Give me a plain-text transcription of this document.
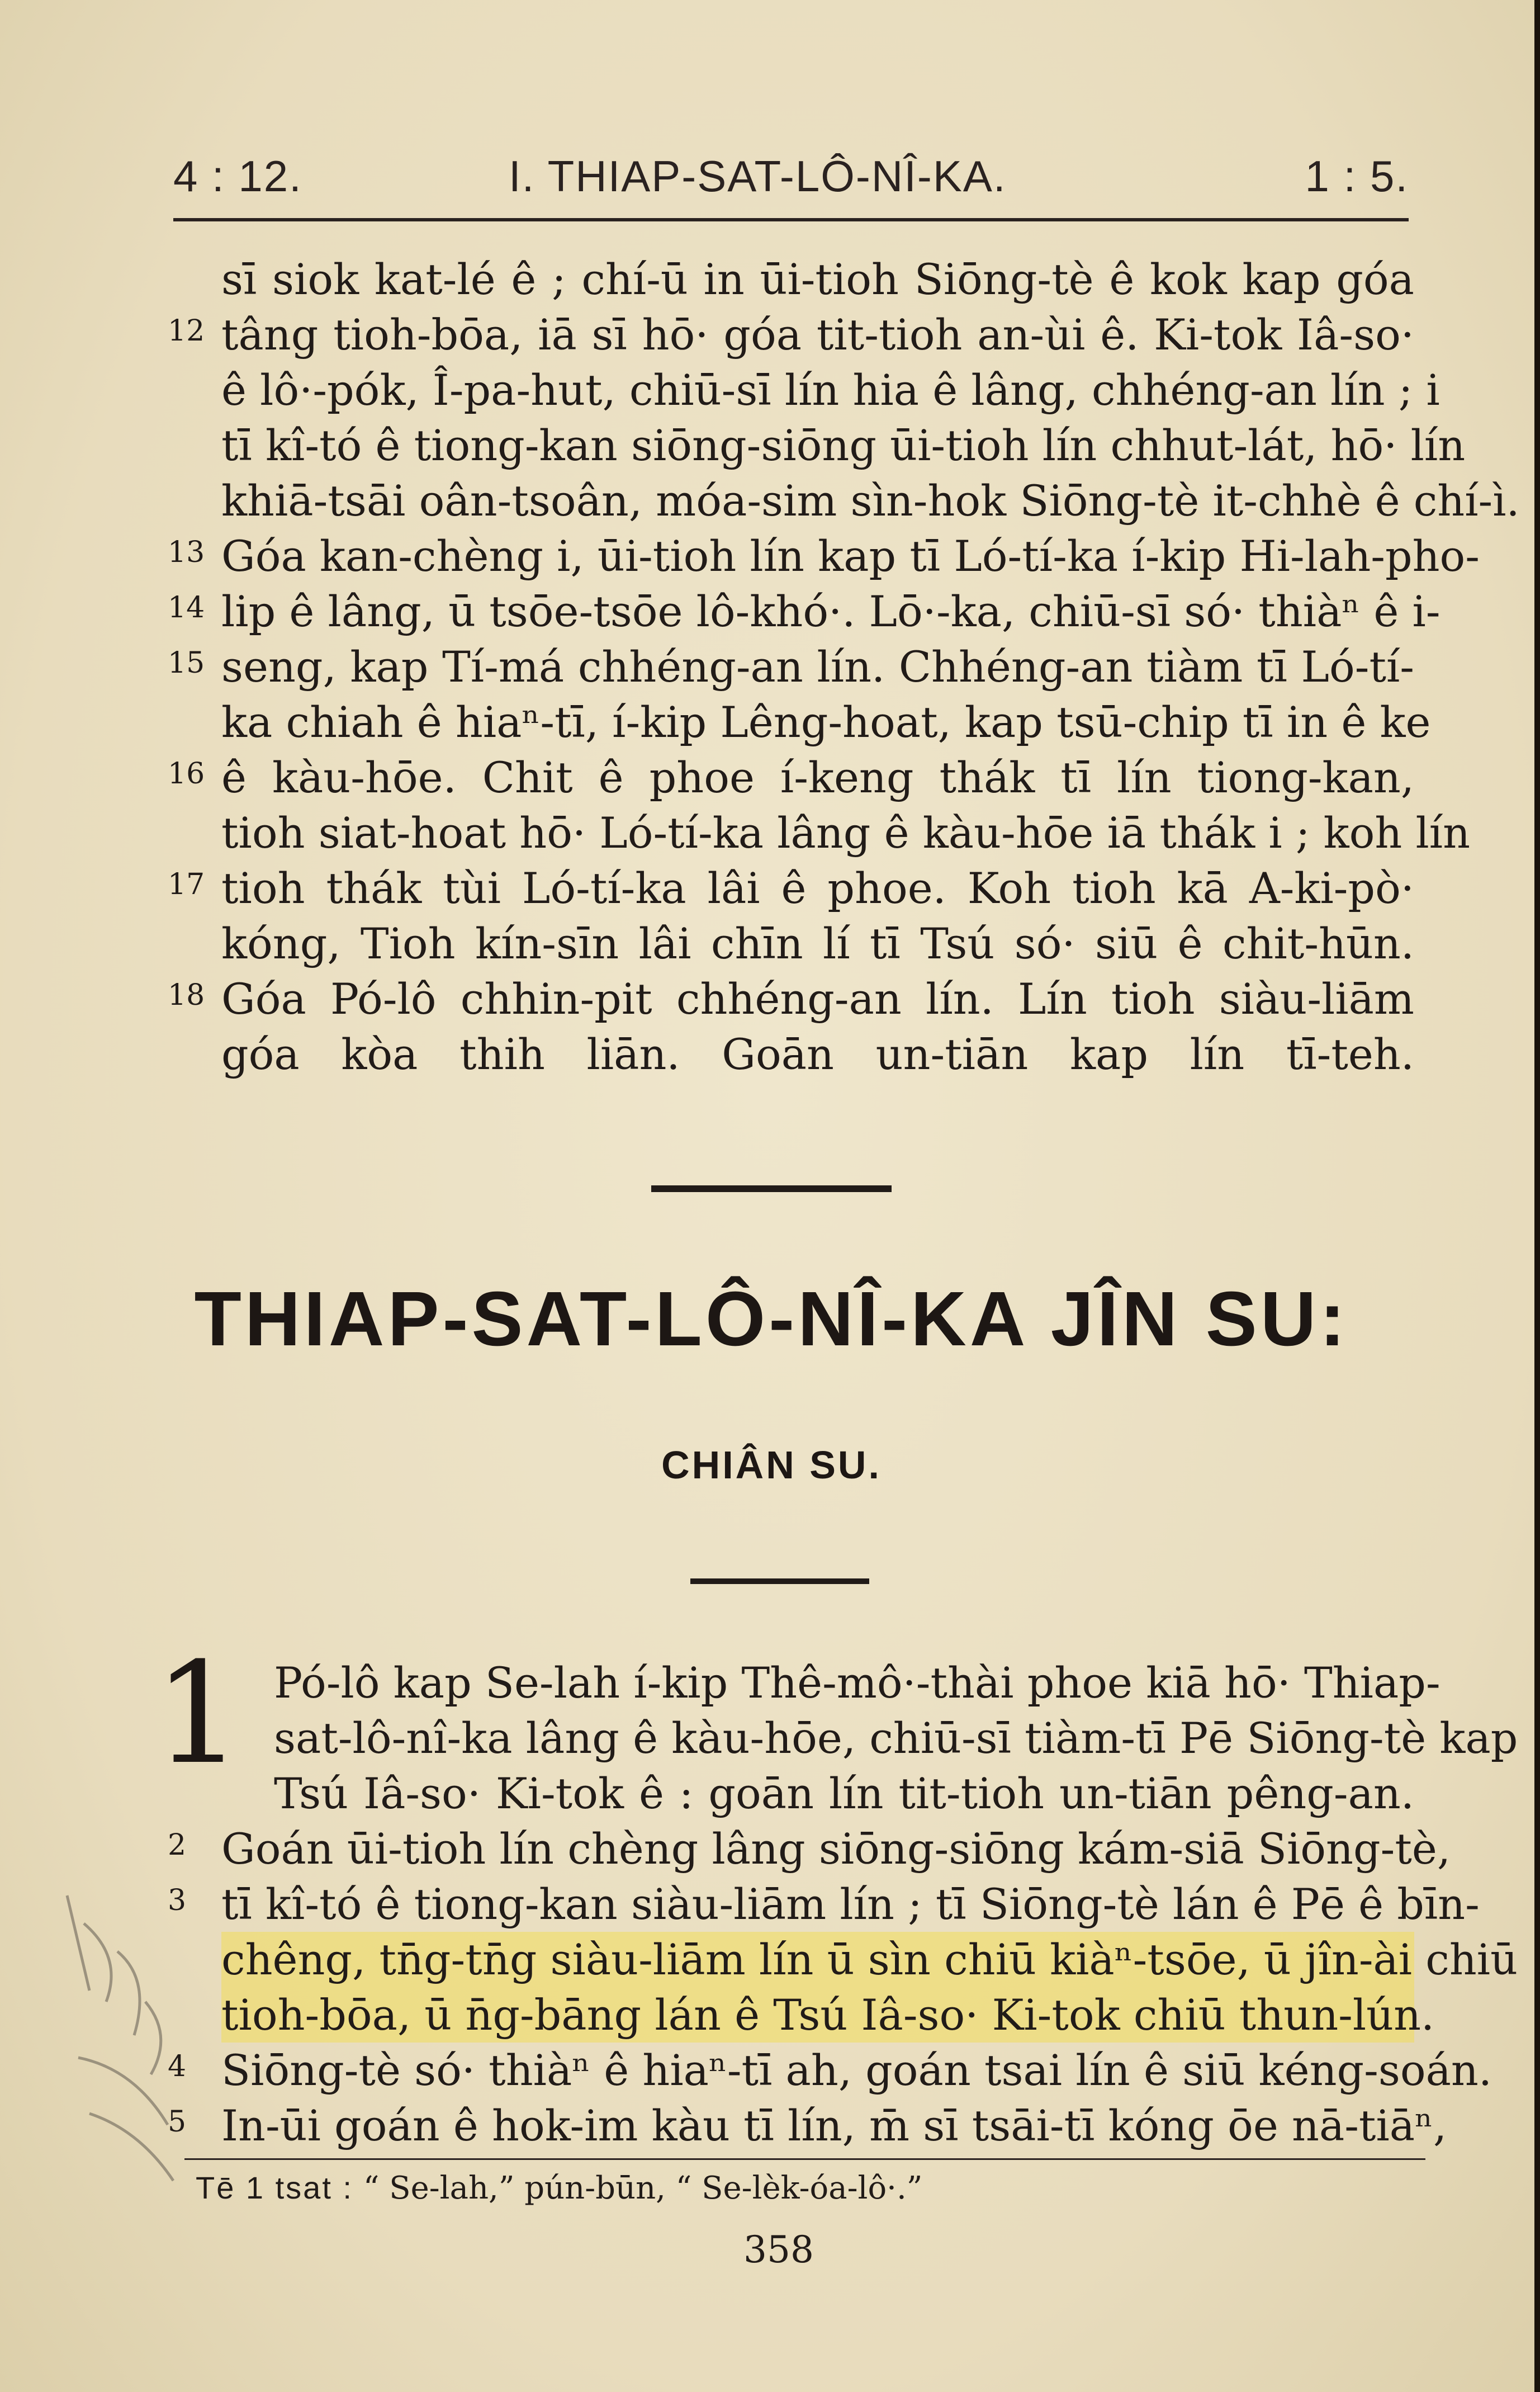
4 : 12.	I. THIAP-SAT-LÔ-NÎ-KA.	1 : 5.
sī siok kat-lé ê ; chí-ū in ūi-tioh Siōng-tè ê kok kap góa
12 tâng tioh-bōa, iā sī hō· góa tit-tioh an-ùi ê. Ki-tok Iâ-so·
ê lô·-pók, Î-pa-hut, chiū-sī lín hia ê lâng, chhéng-an lín ; i
tī kî-tó ê tiong-kan siōng-siōng ūi-tioh lín chhut-lát, hō· lín
khiā-tsāi oân-tsoân, móa-sim sìn-hok Siōng-tè it-chhè ê chí-ì.
13 Góa kan-chèng i, ūi-tioh lín kap tī Ló-tí-ka í-kip Hi-lah-pho-
14 lip ê lâng, ū tsōe-tsōe lô-khó·. Lō·-ka, chiū-sī só· thiàⁿ ê i-
15 seng, kap Tí-má chhéng-an lín. Chhéng-an tiàm tī Ló-tí-
ka chiah ê hiaⁿ-tī, í-kip Lêng-hoat, kap tsū-chip tī in ê ke
16 ê kàu-hōe. Chit ê phoe í-keng thák tī lín tiong-kan,
tioh siat-hoat hō· Ló-tí-ka lâng ê kàu-hōe iā thák i ; koh lín
17 tioh thák tùi Ló-tí-ka lâi ê phoe. Koh tioh kā A-ki-pò·
kóng, Tioh kín-sīn lâi chīn lí tī Tsú só· siū ê chit-hūn.
18 Góa Pó-lô chhin-pit chhéng-an lín. Lín tioh siàu-liām
góa kòa thih liān. Goān un-tiān kap lín tī-teh.
THIAP-SAT-LÔ-NÎ-KA JÎN SU:
CHIÂN SU.
1 Pó-lô kap Se-lah í-kip Thê-mô·-thài phoe kiā hō· Thiap-
sat-lô-nî-ka lâng ê kàu-hōe, chiū-sī tiàm-tī Pē Siōng-tè kap
Tsú Iâ-so· Ki-tok ê : goān lín tit-tioh un-tiān pêng-an.
2 Goán ūi-tioh lín chèng lâng siōng-siōng kám-siā Siōng-tè,
3 tī kî-tó ê tiong-kan siàu-liām lín ; tī Siōng-tè lán ê Pē ê bīn-
chêng, tn̄g-tn̄g siàu-liām lín ū sìn chiū kiàⁿ-tsōe, ū jîn-ài chiū
tioh-bōa, ū n̄g-bāng lán ê Tsú Iâ-so· Ki-tok chiū thun-lún.
4 Siōng-tè só· thiàⁿ ê hiaⁿ-tī ah, goán tsai lín ê siū kéng-soán.
5 In-ūi goán ê hok-im kàu tī lín, m̄ sī tsāi-tī kóng ōe nā-tiāⁿ,
Tē 1 tsat : “ Se-lah,” pún-būn, “ Se-lèk-óa-lô·.”
358
